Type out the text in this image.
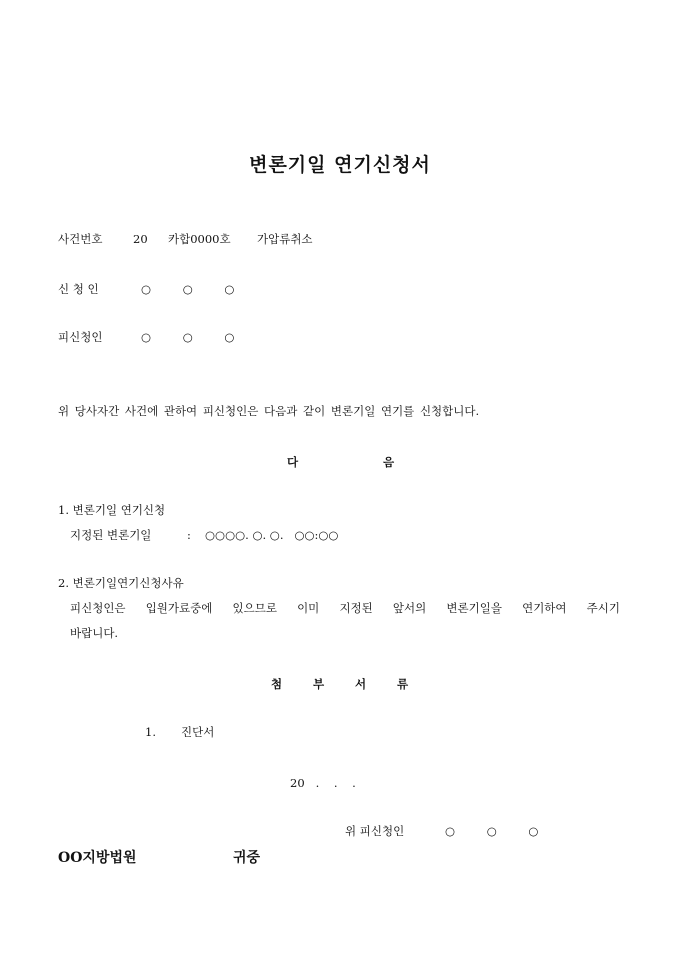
변론기일 연기신청서
사건번호	20 카합0000호 가압류취소
신 청 인	○ ○ ○
피신청인	○ ○ ○
위 당사자간 사건에 관하여 피신청인은 다음과 같이 변론기일 연기를 신청합니다.
다	음
1. 변론기일 연기신청
지정된 변론기일	: ○○○○. ○. ○.   ○○:○○
2. 변론기일연기신청사유
피신청인은 입원가료중에 있으므로 이미 지정된 앞서의 변론기일을 연기하여 주시기
바랍니다.
첨	부	서	류
1. 진단서
20   .    .    .
위 피신청인	○ ○ ○
OO지방법원	귀중
